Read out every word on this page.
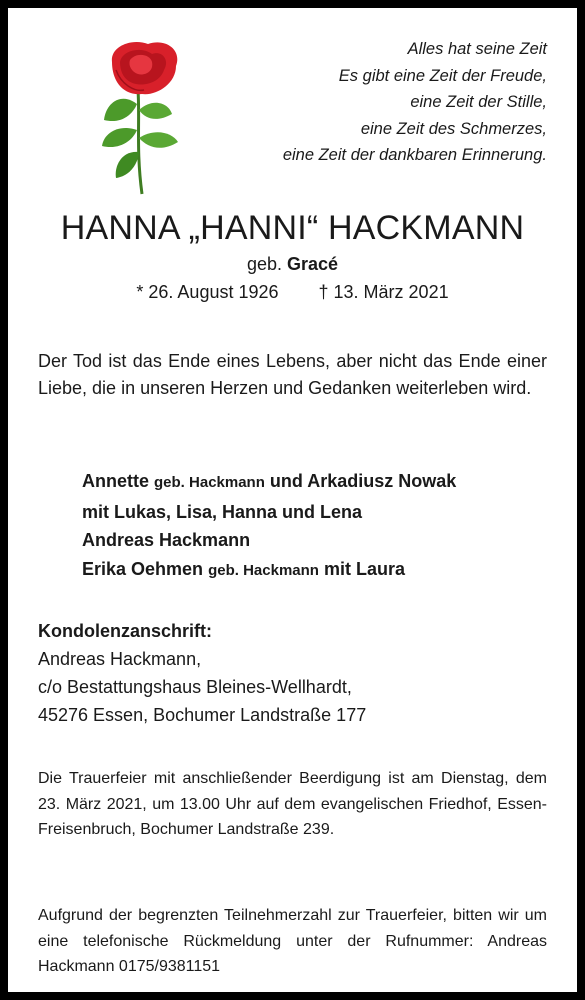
Alles hat seine Zeit
Es gibt eine Zeit der Freude,
eine Zeit der Stille,
eine Zeit des Schmerzes,
eine Zeit der dankbaren Erinnerung.
HANNA „HANNI“ HACKMANN
geb. Gracé
* 26. August 1926 † 13. März 2021
Der Tod ist das Ende eines Lebens, aber nicht das Ende einer Liebe, die in unseren Herzen und Gedanken weiterleben wird.
Annette geb. Hackmann und Arkadiusz Nowak
mit Lukas, Lisa, Hanna und Lena
Andreas Hackmann
Erika Oehmen geb. Hackmann mit Laura
Kondolenzanschrift:
Andreas Hackmann,
c/o Bestattungshaus Bleines-Wellhardt,
45276 Essen, Bochumer Landstraße 177
Die Trauerfeier mit anschließender Beerdigung ist am Dienstag, dem 23. März 2021, um 13.00 Uhr auf dem evangelischen Friedhof, Essen-Freisenbruch, Bochumer Landstraße 239.
Aufgrund der begrenzten Teilnehmerzahl zur Trauerfeier, bitten wir um eine telefonische Rückmeldung unter der Rufnummer: Andreas Hackmann 0175/9381151
